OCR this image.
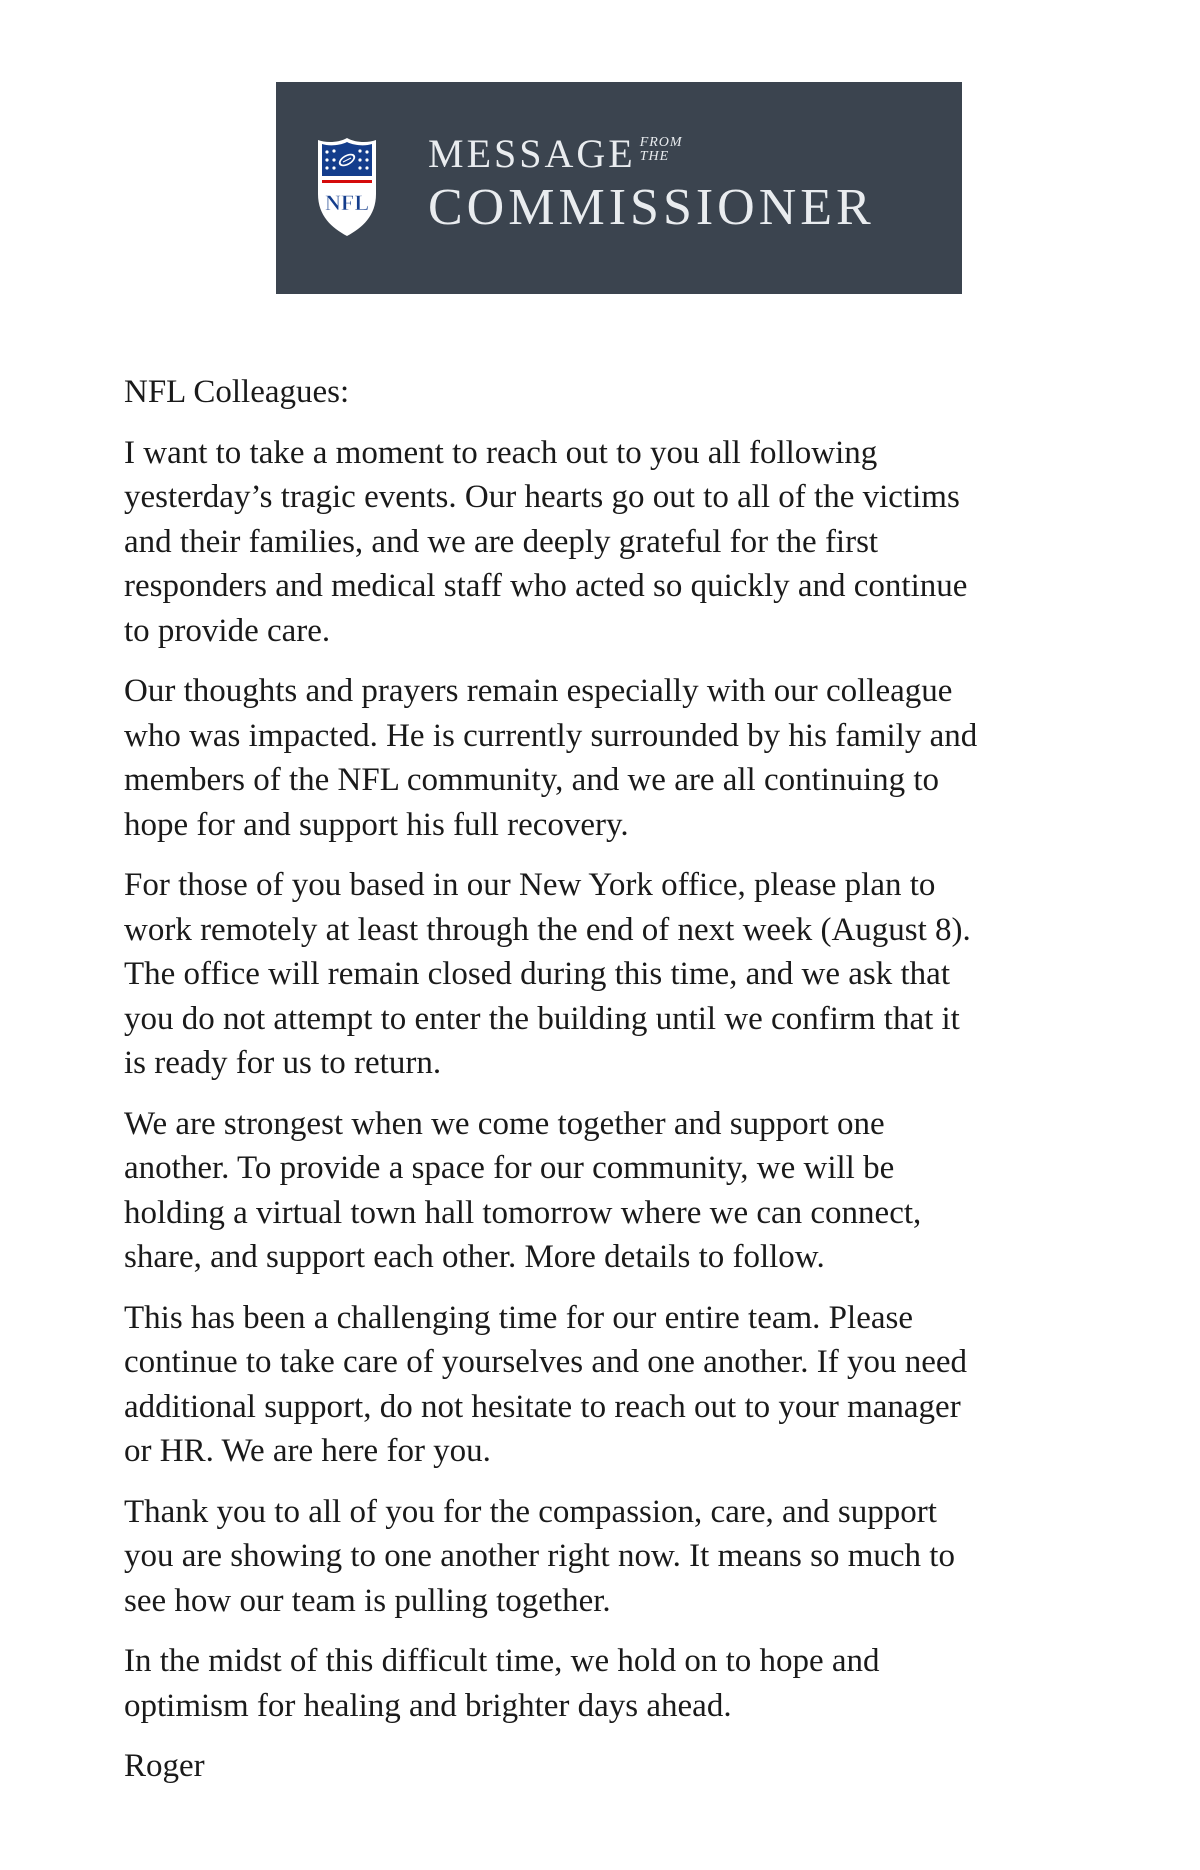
NFL
MESSAGE FROM
THE
COMMISSIONER

NFL Colleagues:

I want to take a moment to reach out to you all following
yesterday’s tragic events. Our hearts go out to all of the victims
and their families, and we are deeply grateful for the first
responders and medical staff who acted so quickly and continue
to provide care.

Our thoughts and prayers remain especially with our colleague
who was impacted. He is currently surrounded by his family and
members of the NFL community, and we are all continuing to
hope for and support his full recovery.

For those of you based in our New York office, please plan to
work remotely at least through the end of next week (August 8).
The office will remain closed during this time, and we ask that
you do not attempt to enter the building until we confirm that it
is ready for us to return.

We are strongest when we come together and support one
another. To provide a space for our community, we will be
holding a virtual town hall tomorrow where we can connect,
share, and support each other. More details to follow.

This has been a challenging time for our entire team. Please
continue to take care of yourselves and one another. If you need
additional support, do not hesitate to reach out to your manager
or HR. We are here for you.

Thank you to all of you for the compassion, care, and support
you are showing to one another right now. It means so much to
see how our team is pulling together.

In the midst of this difficult time, we hold on to hope and
optimism for healing and brighter days ahead.

Roger
